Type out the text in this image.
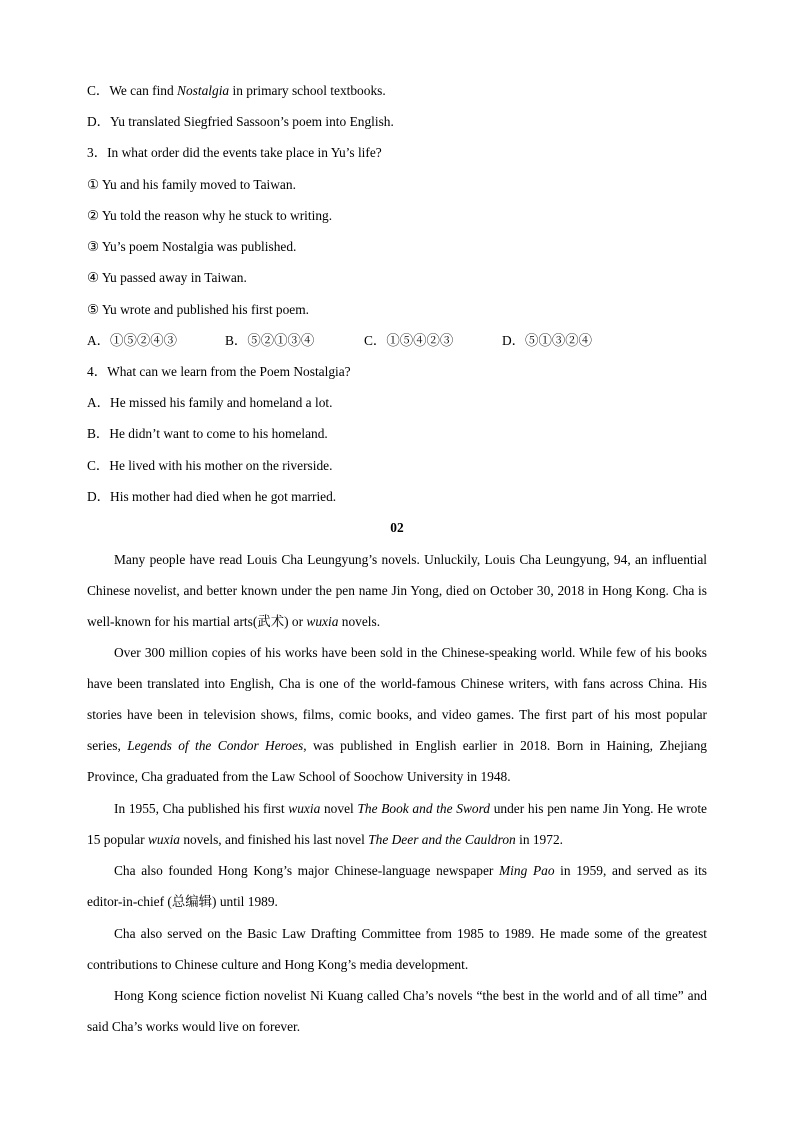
C．We can find Nostalgia in primary school textbooks.
D．Yu translated Siegfried Sassoon’s poem into English.
3．In what order did the events take place in Yu’s life?
① Yu and his family moved to Taiwan.
② Yu told the reason why he stuck to writing.
③ Yu’s poem Nostalgia was published.
④ Yu passed away in Taiwan.
⑤ Yu wrote and published his first poem.
A．①⑤②④③	B．⑤②①③④	C．①⑤④②③	D．⑤①③②④
4．What can we learn from the Poem Nostalgia?
A．He missed his family and homeland a lot.
B．He didn’t want to come to his homeland.
C．He lived with his mother on the riverside.
D．His mother had died when he got married.
02
Many people have read Louis Cha Leungyung’s novels. Unluckily, Louis Cha Leungyung, 94, an influential Chinese novelist, and better known under the pen name Jin Yong, died on October 30, 2018 in Hong Kong. Cha is well-known for his martial arts(武术) or wuxia novels.
Over 300 million copies of his works have been sold in the Chinese-speaking world. While few of his books have been translated into English, Cha is one of the world-famous Chinese writers, with fans across China. His stories have been in television shows, films, comic books, and video games. The first part of his most popular series, Legends of the Condor Heroes, was published in English earlier in 2018. Born in Haining, Zhejiang Province, Cha graduated from the Law School of Soochow University in 1948.
In 1955, Cha published his first wuxia novel The Book and the Sword under his pen name Jin Yong. He wrote 15 popular wuxia novels, and finished his last novel The Deer and the Cauldron in 1972.
Cha also founded Hong Kong’s major Chinese-language newspaper Ming Pao in 1959, and served as its editor-in-chief (总编辑) until 1989.
Cha also served on the Basic Law Drafting Committee from 1985 to 1989. He made some of the greatest contributions to Chinese culture and Hong Kong’s media development.
Hong Kong science fiction novelist Ni Kuang called Cha’s novels “the best in the world and of all time” and said Cha’s works would live on forever.
